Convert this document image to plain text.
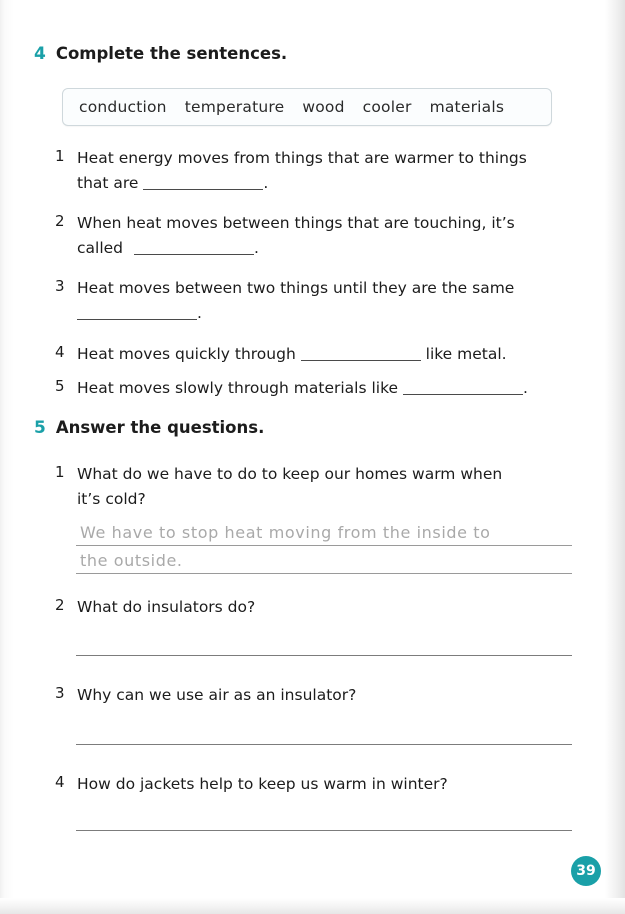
4 Complete the sentences.
conduction temperature wood cooler materials
1 Heat energy moves from things that are warmer to things
that are	.
2 When heat moves between things that are touching, it’s
called	.
3 Heat moves between two things until they are the same
.
4 Heat moves quickly through	like metal.
5 Heat moves slowly through materials like	.
5 Answer the questions.
1 What do we have to do to keep our homes warm when
it’s cold?
We have to stop heat moving from the inside to
the outside.
2 What do insulators do?
3 Why can we use air as an insulator?
4 How do jackets help to keep us warm in winter?
39
